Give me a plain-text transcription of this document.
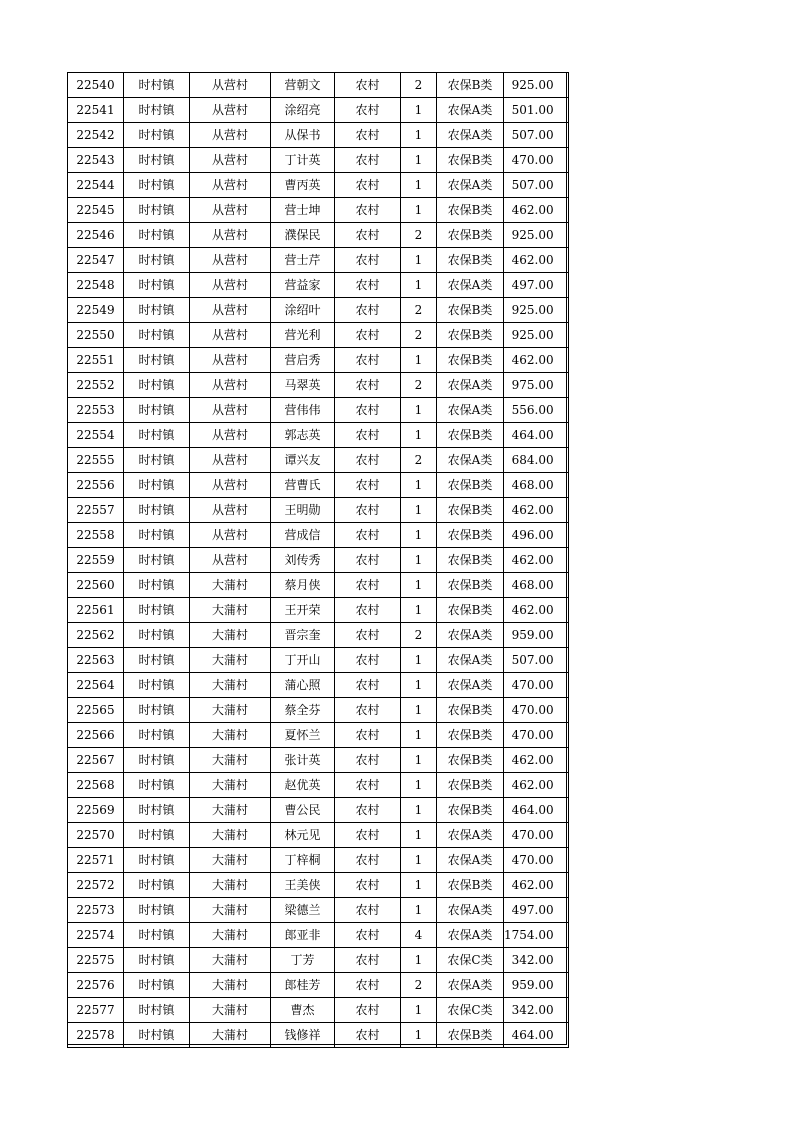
22540	时村镇	从营村	营朝文	农村	2	农保B类	925.00
22541	时村镇	从营村	涂绍亮	农村	1	农保A类	501.00
22542	时村镇	从营村	从保书	农村	1	农保A类	507.00
22543	时村镇	从营村	丁计英	农村	1	农保B类	470.00
22544	时村镇	从营村	曹丙英	农村	1	农保A类	507.00
22545	时村镇	从营村	营士坤	农村	1	农保B类	462.00
22546	时村镇	从营村	濮保民	农村	2	农保B类	925.00
22547	时村镇	从营村	营士芹	农村	1	农保B类	462.00
22548	时村镇	从营村	营益家	农村	1	农保A类	497.00
22549	时村镇	从营村	涂绍叶	农村	2	农保B类	925.00
22550	时村镇	从营村	营光利	农村	2	农保B类	925.00
22551	时村镇	从营村	营启秀	农村	1	农保B类	462.00
22552	时村镇	从营村	马翠英	农村	2	农保A类	975.00
22553	时村镇	从营村	营伟伟	农村	1	农保A类	556.00
22554	时村镇	从营村	郭志英	农村	1	农保B类	464.00
22555	时村镇	从营村	谭兴友	农村	2	农保A类	684.00
22556	时村镇	从营村	营曹氏	农村	1	农保B类	468.00
22557	时村镇	从营村	王明勋	农村	1	农保B类	462.00
22558	时村镇	从营村	营成信	农村	1	农保B类	496.00
22559	时村镇	从营村	刘传秀	农村	1	农保B类	462.00
22560	时村镇	大蒲村	蔡月侠	农村	1	农保B类	468.00
22561	时村镇	大蒲村	王开荣	农村	1	农保B类	462.00
22562	时村镇	大蒲村	晋宗奎	农村	2	农保A类	959.00
22563	时村镇	大蒲村	丁开山	农村	1	农保A类	507.00
22564	时村镇	大蒲村	蒲心照	农村	1	农保A类	470.00
22565	时村镇	大蒲村	蔡全芬	农村	1	农保B类	470.00
22566	时村镇	大蒲村	夏怀兰	农村	1	农保B类	470.00
22567	时村镇	大蒲村	张计英	农村	1	农保B类	462.00
22568	时村镇	大蒲村	赵优英	农村	1	农保B类	462.00
22569	时村镇	大蒲村	曹公民	农村	1	农保B类	464.00
22570	时村镇	大蒲村	林元见	农村	1	农保A类	470.00
22571	时村镇	大蒲村	丁梓桐	农村	1	农保A类	470.00
22572	时村镇	大蒲村	王美侠	农村	1	农保B类	462.00
22573	时村镇	大蒲村	梁德兰	农村	1	农保A类	497.00
22574	时村镇	大蒲村	郎亚非	农村	4	农保A类	1754.00
22575	时村镇	大蒲村	丁芳	农村	1	农保C类	342.00
22576	时村镇	大蒲村	郎桂芳	农村	2	农保A类	959.00
22577	时村镇	大蒲村	曹杰	农村	1	农保C类	342.00
22578	时村镇	大蒲村	钱修祥	农村	1	农保B类	464.00
